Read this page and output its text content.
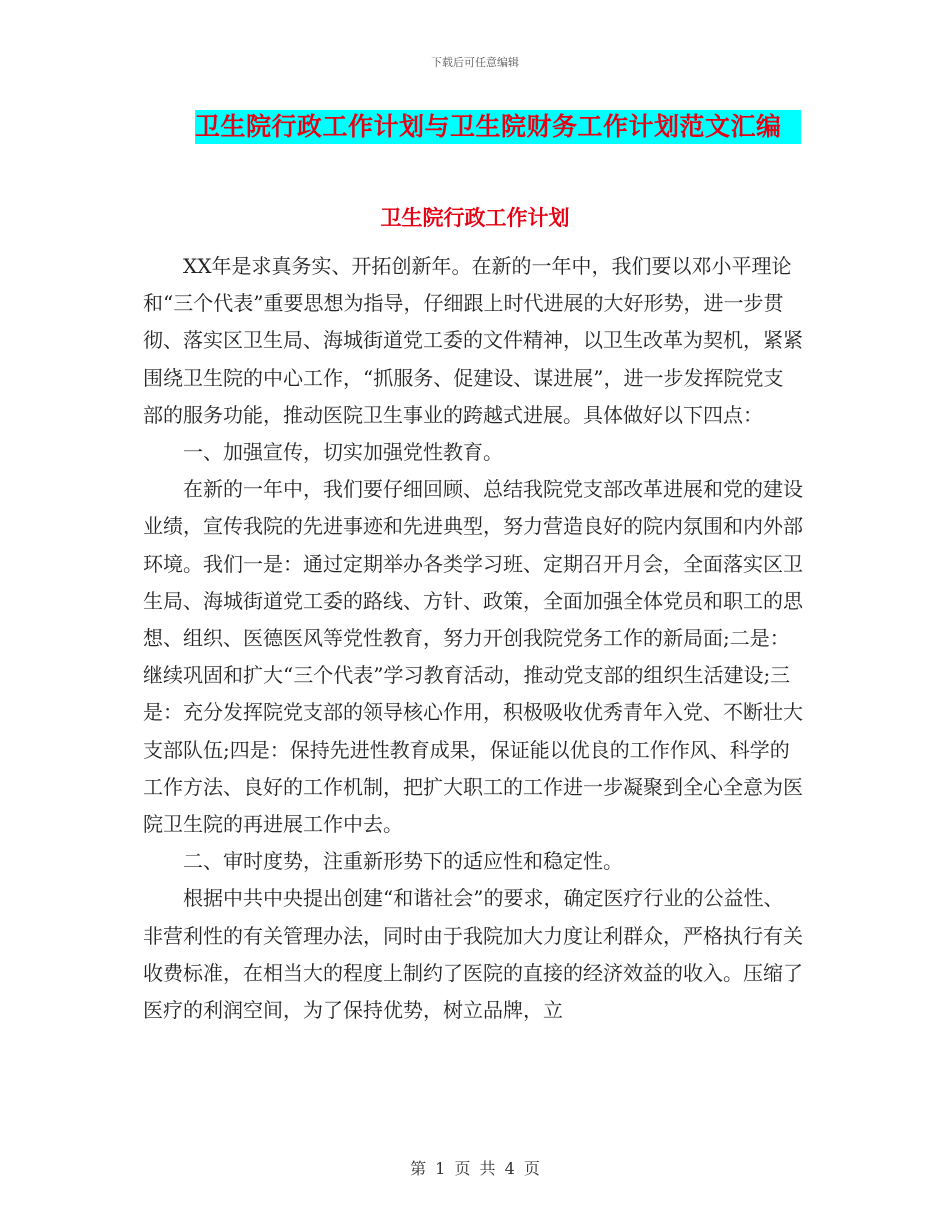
下载后可任意编辑
卫生院行政工作计划与卫生院财务工作计划范文汇编
卫生院行政工作计划

XX年是求真务实、开拓创新年。在新的一年中，我们要以邓小平理论和“三个代表”重要思想为指导，仔细跟上时代进展的大好形势，进一步贯彻、落实区卫生局、海城街道党工委的文件精神，以卫生改革为契机，紧紧围绕卫生院的中心工作，“抓服务、促建设、谋进展”，进一步发挥院党支部的服务功能，推动医院卫生事业的跨越式进展。具体做好以下四点：

一、加强宣传，切实加强党性教育。

在新的一年中，我们要仔细回顾、总结我院党支部改革进展和党的建设业绩，宣传我院的先进事迹和先进典型，努力营造良好的院内氛围和内外部环境。我们一是：通过定期举办各类学习班、定期召开月会，全面落实区卫生局、海城街道党工委的路线、方针、政策，全面加强全体党员和职工的思想、组织、医德医风等党性教育，努力开创我院党务工作的新局面;二是：继续巩固和扩大“三个代表”学习教育活动，推动党支部的组织生活建设;三是：充分发挥院党支部的领导核心作用，积极吸收优秀青年入党、不断壮大支部队伍;四是：保持先进性教育成果，保证能以优良的工作作风、科学的工作方法、良好的工作机制，把扩大职工的工作进一步凝聚到全心全意为医院卫生院的再进展工作中去。

二、审时度势，注重新形势下的适应性和稳定性。

根据中共中央提出创建“和谐社会”的要求，确定医疗行业的公益性、非营利性的有关管理办法，同时由于我院加大力度让利群众，严格执行有关收费标准，在相当大的程度上制约了医院的直接的经济效益的收入。压缩了医疗的利润空间，为了保持优势，树立品牌，立

第 1 页 共 4 页
